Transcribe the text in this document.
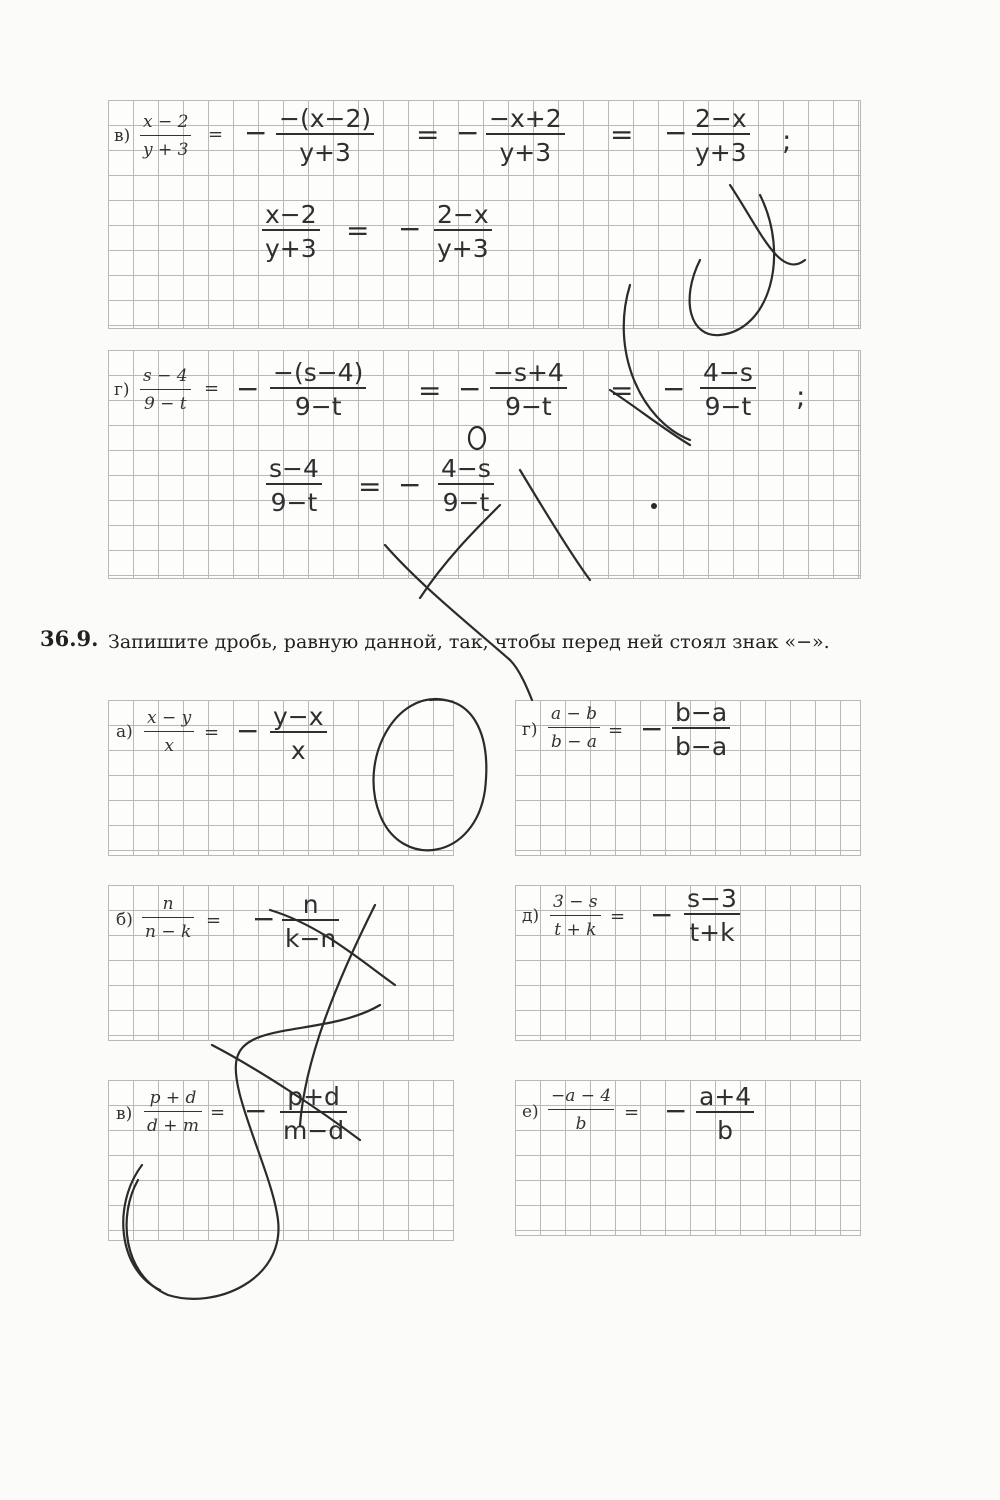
в)
x − 2
y + 3
= − −(x−2)
y+3
= − −x+2
y+3
= − 2−x
y+3 ;
x−2
y+3
= − 2−x
y+3
г)
s − 4
9 − t
= − −(s−4)
9−t	= − −s+4
9−t = − 4−s
9−t ;
s−4
9−t = − 4−s
9−t
36.9. Запишите дробь, равную данной, так, чтобы перед ней стоял знак «−».
а)
x − y
x
= − y−x
x
б)
n
n − k
= − n
k−n
в)
p + d
d + m
= − p+d
m−d
г)
a − b
b − a
= − b−a
b−a
д)
3 − s
t + k
= − s−3
t+k
е)
−a − 4
b
= − a+4
b
